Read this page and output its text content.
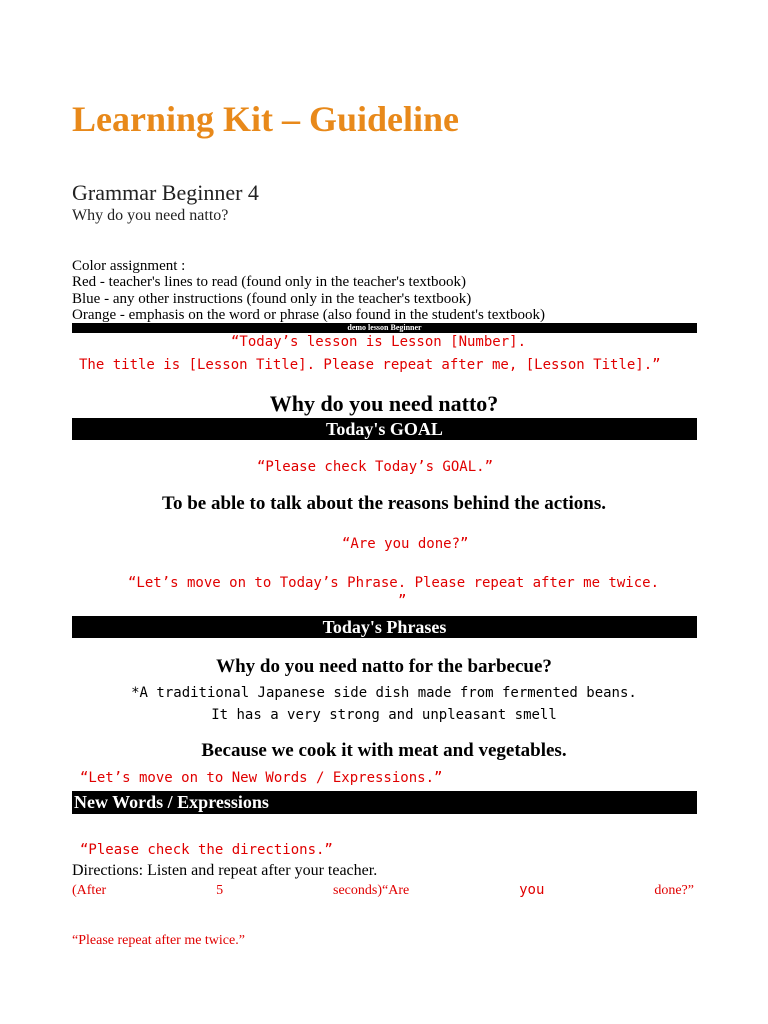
Learning Kit – Guideline
Grammar Beginner 4
Why do you need natto?
Color assignment :
Red - teacher's lines to read (found only in the teacher's textbook)
Blue - any other instructions (found only in the teacher's textbook)
Orange - emphasis on the word or phrase (also found in the student's textbook)
demo lesson Beginner
“Today’s lesson is Lesson [Number].
The title is [Lesson Title]. Please repeat after me, [Lesson Title].”
Why do you need natto?
Today's GOAL
“Please check Today’s GOAL.”
To be able to talk about the reasons behind the actions.
“Are you done?”
“Let’s move on to Today’s Phrase. Please repeat after me twice.
”
Today's Phrases
Why do you need natto for the barbecue?
*A traditional Japanese side dish made from fermented beans.
It has a very strong and unpleasant smell
Because we cook it with meat and vegetables.
“Let’s move on to New Words / Expressions.”
New Words / Expressions
“Please check the directions.”
Directions: Listen and repeat after your teacher.
(After	5	seconds)“Are	you	done?”
“Please repeat after me twice.”
